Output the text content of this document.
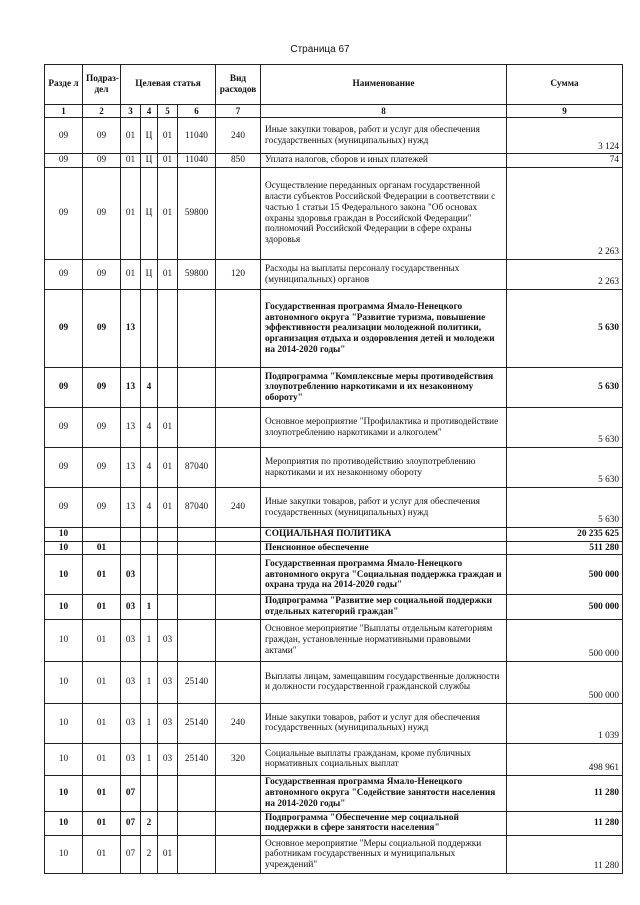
Страница 67
Разде л	Подраз- дел	Целевая статья				Вид расходов	Наименование	Сумма
1	2	3	4	5	6	7	8	9
09	09	01	Ц	01	11040	240	Иные закупки товаров, работ и услуг для обеспечения государственных (муниципальных) нужд	3 124
09	09	01	Ц	01	11040	850	Уплата налогов, сборов и иных платежей	74
09	09	01	Ц	01	59800		Осуществление переданных органам государственной власти субъектов Российской Федерации в соответствии с частью 1 статьи 15 Федерального закона "Об основах охраны здоровья граждан в Российской Федерации" полномочий Российской Федерации в сфере охраны здоровья	2 263
09	09	01	Ц	01	59800	120	Расходы на выплаты персоналу государственных (муниципальных) органов	2 263
09	09	13					Государственная программа Ямало-Ненецкого автономного округа "Развитие туризма, повышение эффективности реализации молодежной политики, организация отдыха и оздоровления детей и молодежи на 2014-2020 годы"	5 630
09	09	13	4				Подпрограмма "Комплексные меры противодействия злоупотреблению наркотиками и их незаконному обороту"	5 630
09	09	13	4	01			Основное мероприятие "Профилактика и противодействие злоупотреблению наркотиками и алкоголем"	5 630
09	09	13	4	01	87040		Мероприятия по противодействию злоупотреблению наркотиками и их незаконному обороту	5 630
09	09	13	4	01	87040	240	Иные закупки товаров, работ и услуг для обеспечения государственных (муниципальных) нужд	5 630
10							СОЦИАЛЬНАЯ ПОЛИТИКА	20 235 625
10	01						Пенсионное обеспечение	511 280
10	01	03					Государственная программа Ямало-Ненецкого автономного округа "Социальная поддержка граждан и охрана труда на 2014-2020 годы"	500 000
10	01	03	1				Подпрограмма "Развитие мер социальной поддержки отдельных категорий граждан"	500 000
10	01	03	1	03			Основное мероприятие "Выплаты отдельным категориям граждан, установленные нормативными правовыми актами"	500 000
10	01	03	1	03	25140		Выплаты лицам, замещавшим государственные должности и должности государственной гражданской службы	500 000
10	01	03	1	03	25140	240	Иные закупки товаров, работ и услуг для обеспечения государственных (муниципальных) нужд	1 039
10	01	03	1	03	25140	320	Социальные выплаты гражданам, кроме публичных нормативных социальных выплат	498 961
10	01	07					Государственная программа Ямало-Ненецкого автономного округа "Содействие занятости населения на 2014-2020 годы"	11 280
10	01	07	2				Подпрограмма "Обеспечение мер социальной поддержки в сфере занятости населения"	11 280
10	01	07	2	01			Основное мероприятие "Меры социальной поддержки работникам государственных и муниципальных учреждений"	11 280
